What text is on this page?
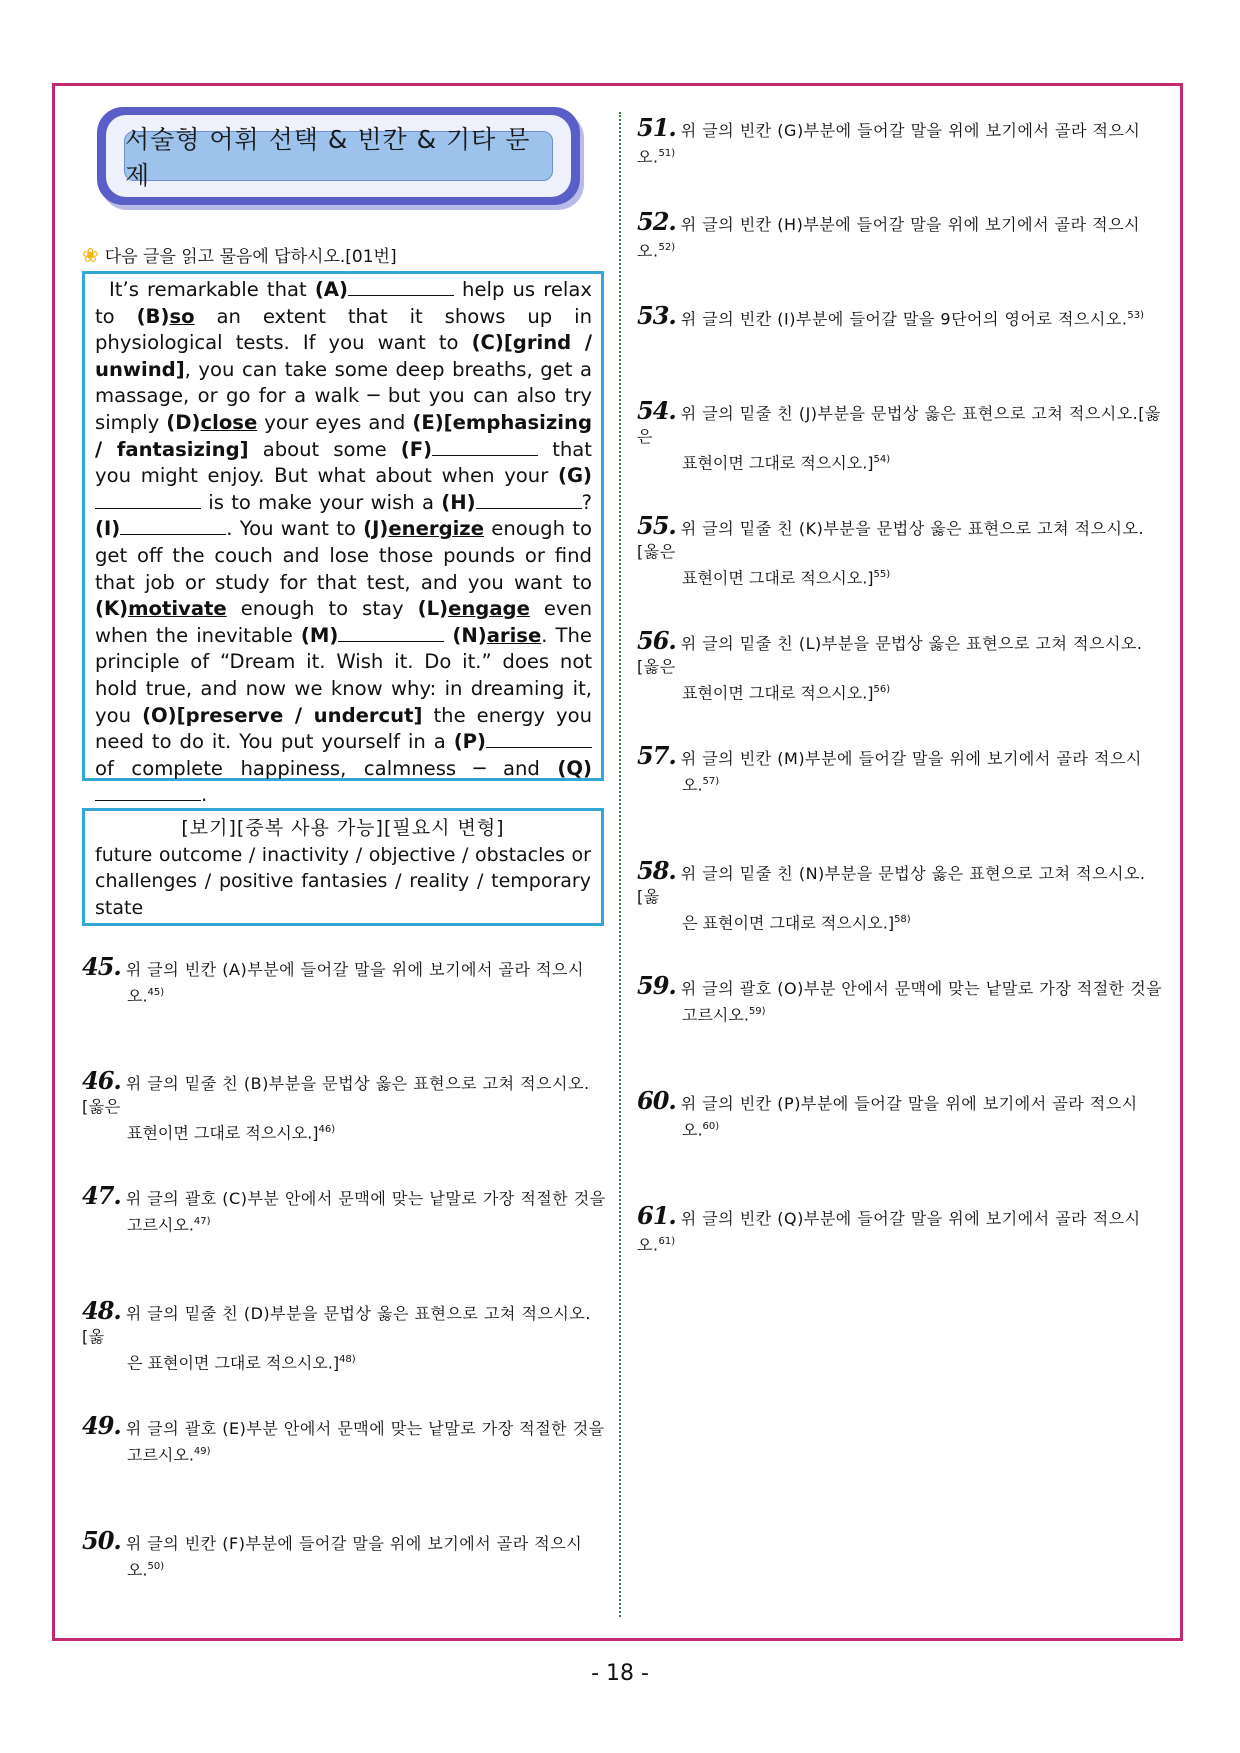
서술형 어휘 선택 & 빈칸 & 기타 문제
❀ 다음 글을 읽고 물음에 답하시오.[01번]

It’s remarkable that (A)	help us relax to (B)so an extent that it shows up in physiological tests. If you want to (C)[grind / unwind], you can take some deep breaths, get a massage, or go for a walk ─ but you can also try simply (D)close your eyes and (E)[emphasizing / fantasizing] about some (F)	that you might enjoy. But what about when your (G) is to make your wish a (H)	? (I)	. You want to (J)energize enough to get off the couch and lose those pounds or find that job or study for that test, and you want to (K)motivate enough to stay (L)engage even when the inevitable (M)	(N)arise. The principle of “Dream it. Wish it. Do it.” does not hold true, and now we know why: in dreaming it, you (O)[preserve / undercut] the energy you need to do it. You put yourself in a (P) of complete happiness, calmness ─ and (Q).

[보기][중복 사용 가능][필요시 변형]
future outcome / inactivity / objective / obstacles or
challenges / positive fantasies / reality / temporary
state
45. 위 글의 빈칸 (A)부분에 들어갈 말을 위에 보기에서 골라 적으시
오.$^{45)}$
46. 위 글의 밑줄 친 (B)부분을 문법상 옳은 표현으로 고쳐 적으시오.[옳은
표현이면 그대로 적으시오.]$^{46)}$
47. 위 글의 괄호 (C)부분 안에서 문맥에 맞는 낱말로 가장 적절한 것을
고르시오.$^{47)}$
48. 위 글의 밑줄 친 (D)부분을 문법상 옳은 표현으로 고쳐 적으시오.[옳
은 표현이면 그대로 적으시오.]$^{48)}$
49. 위 글의 괄호 (E)부분 안에서 문맥에 맞는 낱말로 가장 적절한 것을
고르시오.$^{49)}$
50. 위 글의 빈칸 (F)부분에 들어갈 말을 위에 보기에서 골라 적으시
오.$^{50)}$
51. 위 글의 빈칸 (G)부분에 들어갈 말을 위에 보기에서 골라 적으시오.$^{51)}$
52. 위 글의 빈칸 (H)부분에 들어갈 말을 위에 보기에서 골라 적으시오.$^{52)}$
53. 위 글의 빈칸 (I)부분에 들어갈 말을 9단어의 영어로 적으시오.$^{53)}$
54. 위 글의 밑줄 친 (J)부분을 문법상 옳은 표현으로 고쳐 적으시오.[옳은
표현이면 그대로 적으시오.]$^{54)}$
55. 위 글의 밑줄 친 (K)부분을 문법상 옳은 표현으로 고쳐 적으시오.[옳은
표현이면 그대로 적으시오.]$^{55)}$
56. 위 글의 밑줄 친 (L)부분을 문법상 옳은 표현으로 고쳐 적으시오.[옳은
표현이면 그대로 적으시오.]$^{56)}$
57. 위 글의 빈칸 (M)부분에 들어갈 말을 위에 보기에서 골라 적으시
오.$^{57)}$
58. 위 글의 밑줄 친 (N)부분을 문법상 옳은 표현으로 고쳐 적으시오.[옳
은 표현이면 그대로 적으시오.]$^{58)}$
59. 위 글의 괄호 (O)부분 안에서 문맥에 맞는 낱말로 가장 적절한 것을
고르시오.$^{59)}$
60. 위 글의 빈칸 (P)부분에 들어갈 말을 위에 보기에서 골라 적으시
오.$^{60)}$
61. 위 글의 빈칸 (Q)부분에 들어갈 말을 위에 보기에서 골라 적으시오.$^{61)}$
- 18 -
